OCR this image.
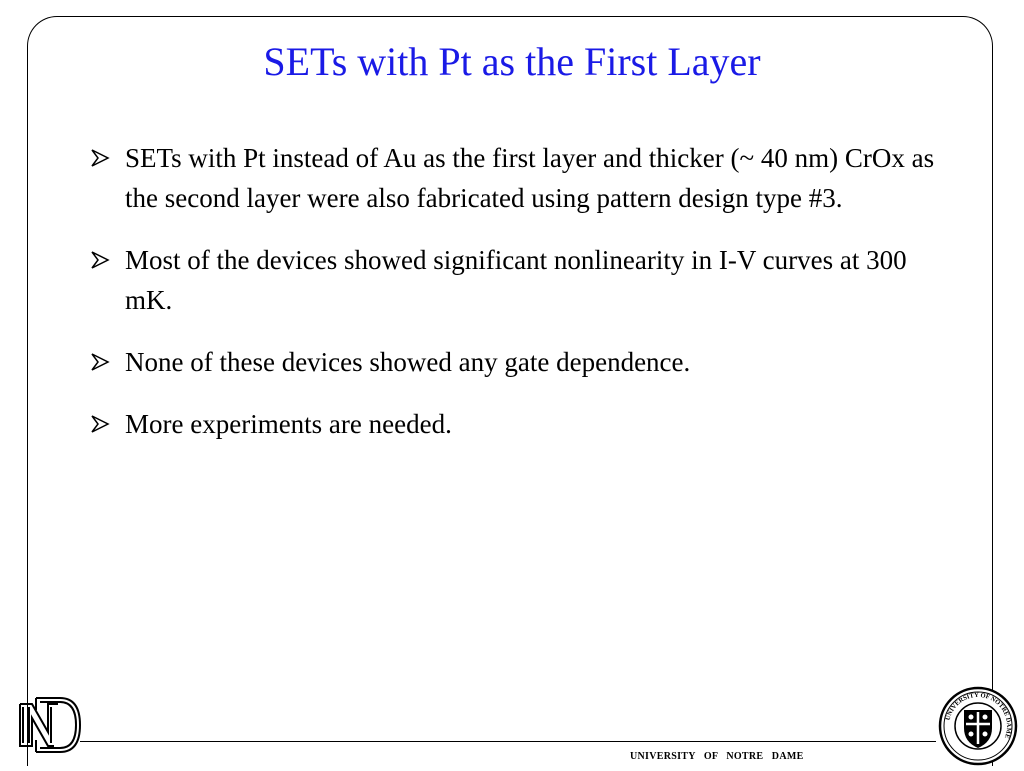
SETs with Pt as the First Layer
SETs with Pt instead of Au as the first layer and thicker (~ 40 nm) CrOx as the second layer were also fabricated using pattern design type #3.
Most of the devices showed significant nonlinearity in I-V curves at 300 mK.
None of these devices showed any gate dependence.
More experiments are needed.
UNIVERSITY   OF   NOTRE   DAME
UNIVERSITY OF NOTRE DAME
